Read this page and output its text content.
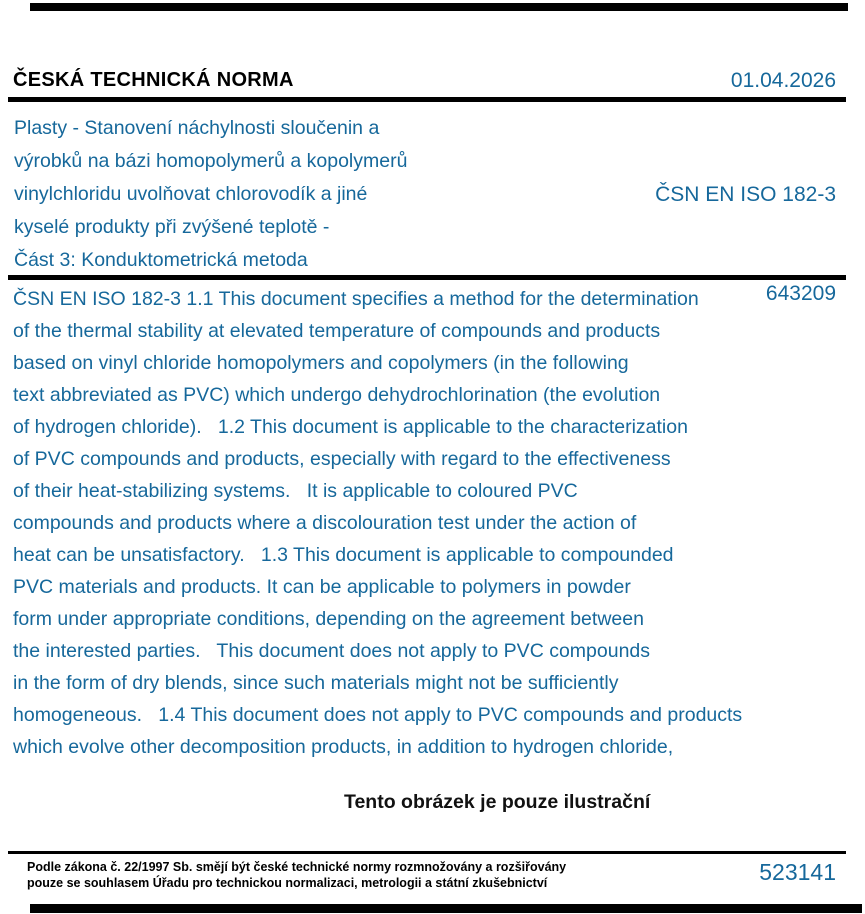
ČESKÁ TECHNICKÁ NORMA	01.04.2026
Plasty - Stanovení náchylnosti sloučenin a
výrobků na bázi homopolymerů a kopolymerů
vinylchloridu uvolňovat chlorovodík a jiné
kyselé produkty při zvýšené teplotě -
Část 3: Konduktometrická metoda

ČSN EN ISO 182-3

643209

ČSN EN ISO 182-3 1.1 This document specifies a method for the determination
of the thermal stability at elevated temperature of compounds and products
based on vinyl chloride homopolymers and copolymers (in the following
text abbreviated as PVC) which undergo dehydrochlorination (the evolution
of hydrogen chloride).   1.2 This document is applicable to the characterization
of PVC compounds and products, especially with regard to the effectiveness
of their heat-stabilizing systems.   It is applicable to coloured PVC
compounds and products where a discolouration test under the action of
heat can be unsatisfactory.   1.3 This document is applicable to compounded
PVC materials and products. It can be applicable to polymers in powder
form under appropriate conditions, depending on the agreement between
the interested parties.   This document does not apply to PVC compounds
in the form of dry blends, since such materials might not be sufficiently
homogeneous.   1.4 This document does not apply to PVC compounds and products
which evolve other decomposition products, in addition to hydrogen chloride,
Tento obrázek je pouze ilustrační
Podle zákona č. 22/1997 Sb. smějí být české technické normy rozmnožovány a rozšiřovány
pouze se souhlasem Úřadu pro technickou normalizaci, metrologii a státní zkušebnictví	523141
